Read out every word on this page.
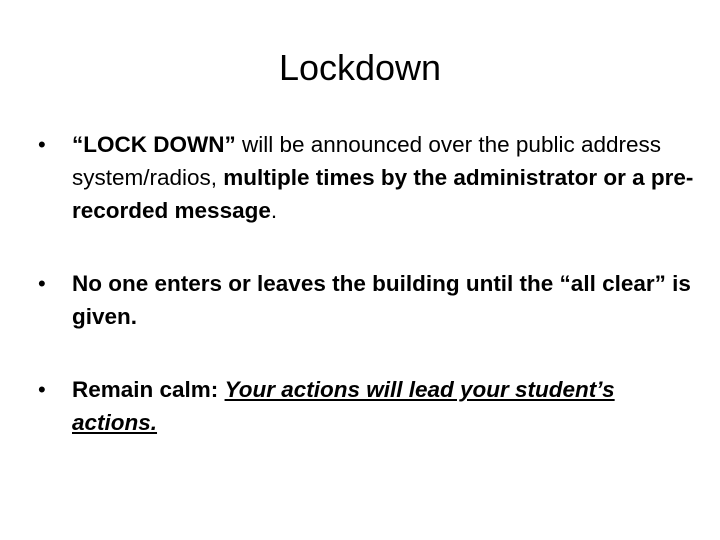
Lockdown
•	“LOCK DOWN” will be announced over the public address system/radios, multiple times by the administrator or a pre-recorded message.
•	No one enters or leaves the building until the “all clear” is given.
•	Remain calm: Your actions will lead your student’s actions.
